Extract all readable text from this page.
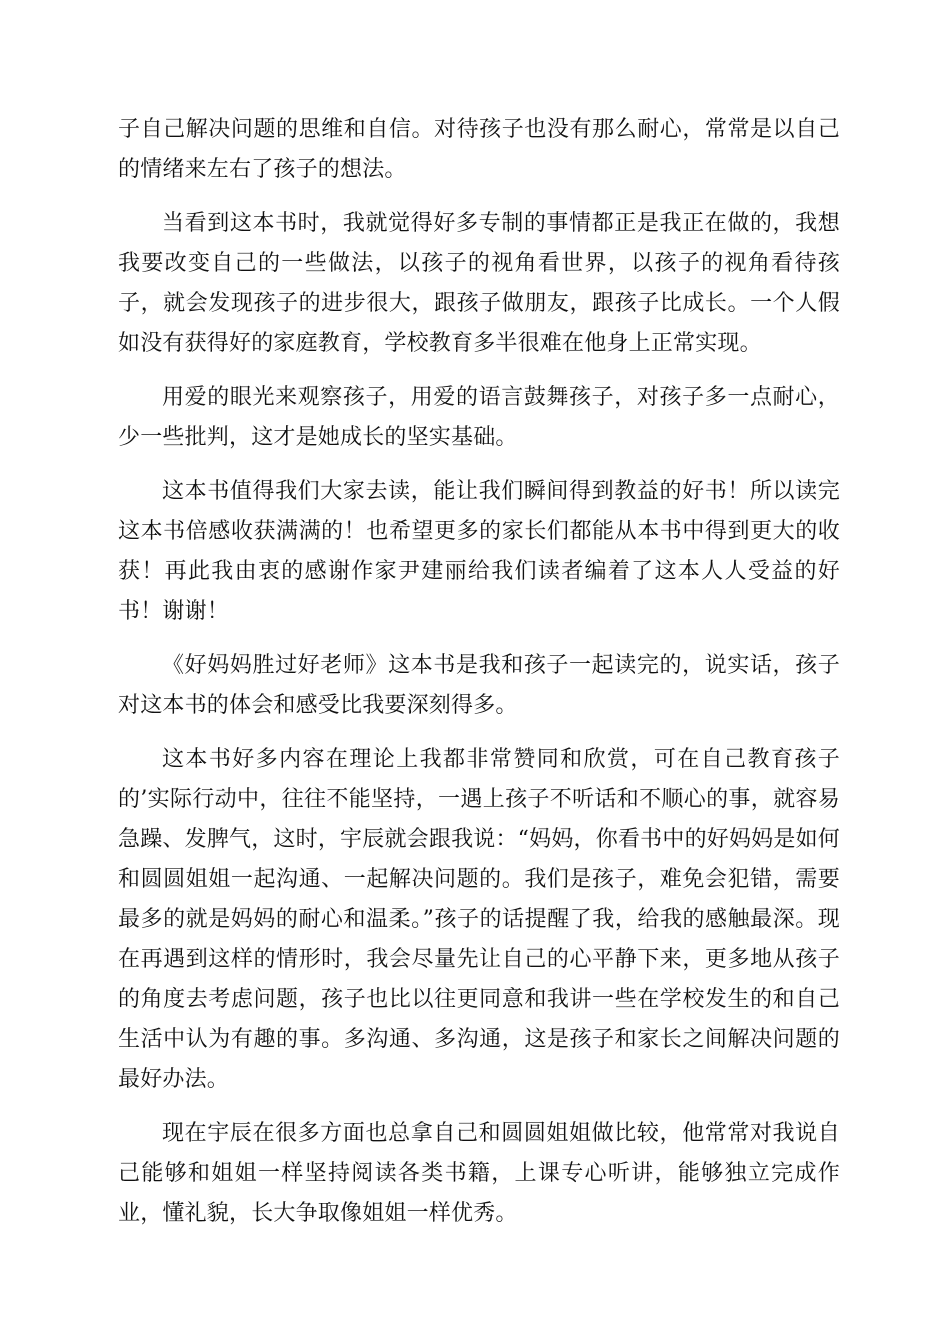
子自己解决问题的思维和自信。对待孩子也没有那么耐心，常常是以自己的情绪来左右了孩子的想法。

当看到这本书时，我就觉得好多专制的事情都正是我正在做的，我想我要改变自己的一些做法，以孩子的视角看世界，以孩子的视角看待孩子，就会发现孩子的进步很大，跟孩子做朋友，跟孩子比成长。一个人假如没有获得好的家庭教育，学校教育多半很难在他身上正常实现。

用爱的眼光来观察孩子，用爱的语言鼓舞孩子，对孩子多一点耐心，少一些批判，这才是她成长的坚实基础。

这本书值得我们大家去读，能让我们瞬间得到教益的好书！所以读完这本书倍感收获满满的！也希望更多的家长们都能从本书中得到更大的收获！再此我由衷的感谢作家尹建丽给我们读者编着了这本人人受益的好书！谢谢！

《好妈妈胜过好老师》这本书是我和孩子一起读完的，说实话，孩子对这本书的体会和感受比我要深刻得多。

这本书好多内容在理论上我都非常赞同和欣赏，可在自己教育孩子的’实际行动中，往往不能坚持，一遇上孩子不听话和不顺心的事，就容易急躁、发脾气，这时，宇辰就会跟我说：“妈妈，你看书中的好妈妈是如何和圆圆姐姐一起沟通、一起解决问题的。我们是孩子，难免会犯错，需要最多的就是妈妈的耐心和温柔。”孩子的话提醒了我，给我的感触最深。现在再遇到这样的情形时，我会尽量先让自己的心平静下来，更多地从孩子的角度去考虑问题，孩子也比以往更同意和我讲一些在学校发生的和自己生活中认为有趣的事。多沟通、多沟通，这是孩子和家长之间解决问题的最好办法。

现在宇辰在很多方面也总拿自己和圆圆姐姐做比较，他常常对我说自己能够和姐姐一样坚持阅读各类书籍，上课专心听讲，能够独立完成作业，懂礼貌，长大争取像姐姐一样优秀。
